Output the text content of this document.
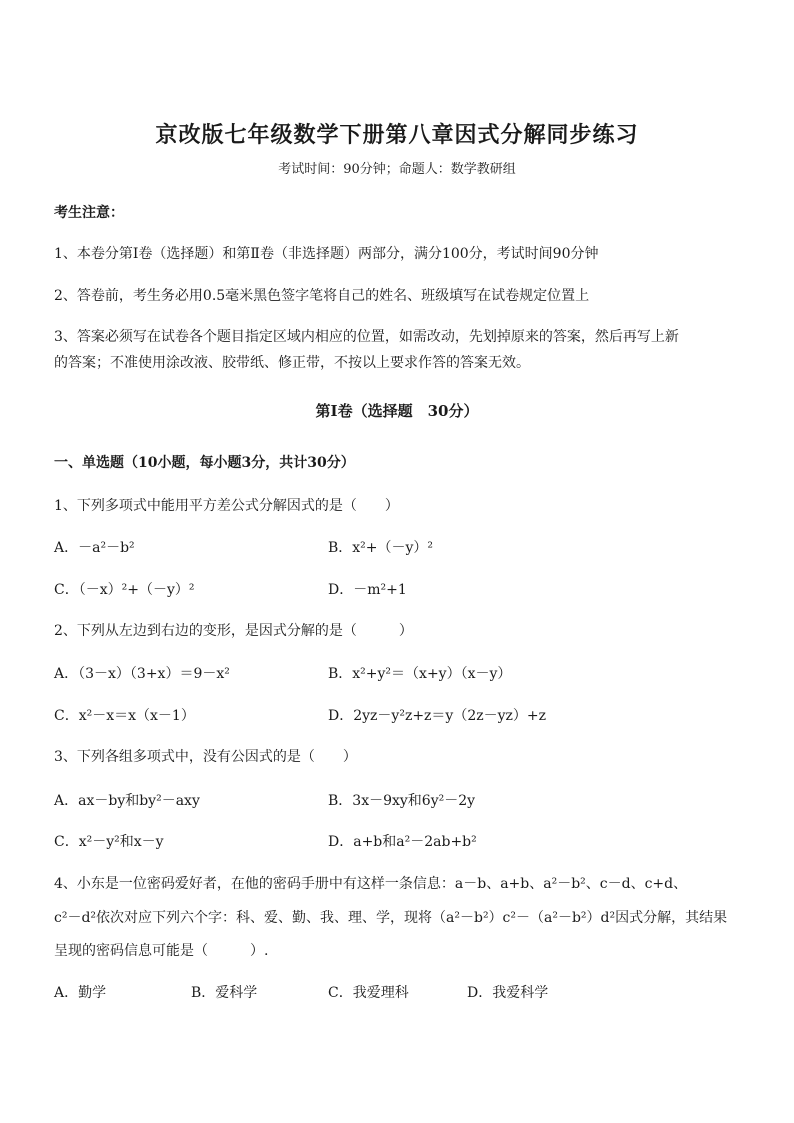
京改版七年级数学下册第八章因式分解同步练习
考试时间：90分钟；命题人：数学教研组
考生注意：
1、本卷分第Ⅰ卷（选择题）和第Ⅱ卷（非选择题）两部分，满分100分，考试时间90分钟
2、答卷前，考生务必用0.5毫米黑色签字笔将自己的姓名、班级填写在试卷规定位置上
3、答案必须写在试卷各个题目指定区域内相应的位置，如需改动，先划掉原来的答案，然后再写上新
的答案；不准使用涂改液、胶带纸、修正带，不按以上要求作答的答案无效。
第Ⅰ卷（选择题　30分）
一、单选题（10小题，每小题3分，共计30分）
1、下列多项式中能用平方差公式分解因式的是（　　）
A．－a²－b²	B．x²+（－y）²
C．（－x）²+（－y）²	D．－m²+1
2、下列从左边到右边的变形，是因式分解的是（　　　）
A．（3－x）（3+x）＝9－x²	B．x²+y²＝（x+y）（x－y）
C．x²－x＝x（x－1）	D．2yz－y²z+z＝y（2z－yz）+z
3、下列各组多项式中，没有公因式的是（　　）
A．ax－by和by²－axy	B．3x－9xy和6y²－2y
C．x²－y²和x－y	D．a+b和a²－2ab+b²
4、小东是一位密码爱好者，在他的密码手册中有这样一条信息：a－b、a+b、a²－b²、c－d、c+d、
c²－d²依次对应下列六个字：科、爱、勤、我、理、学，现将（a²－b²）c²－（a²－b²）d²因式分解，其结果
呈现的密码信息可能是（　　　）.
A．勤学	B．爱科学	C．我爱理科	D．我爱科学
